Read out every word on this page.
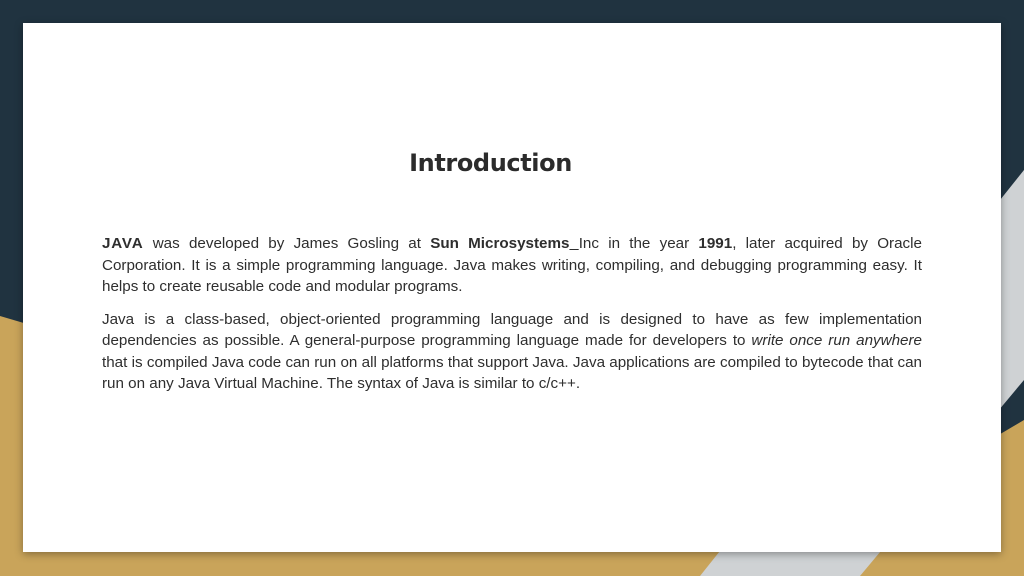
Introduction

JAVA was developed by James Gosling at Sun Microsystems Inc in the year 1991, later acquired by Oracle Corporation. It is a simple programming language. Java makes writing, compiling, and debugging programming easy. It helps to create reusable code and modular programs.

Java is a class-based, object-oriented programming language and is designed to have as few implementation dependencies as possible. A general-purpose programming language made for developers to write once run anywhere that is compiled Java code can run on all platforms that support Java. Java applications are compiled to bytecode that can run on any Java Virtual Machine. The syntax of Java is similar to c/c++.
